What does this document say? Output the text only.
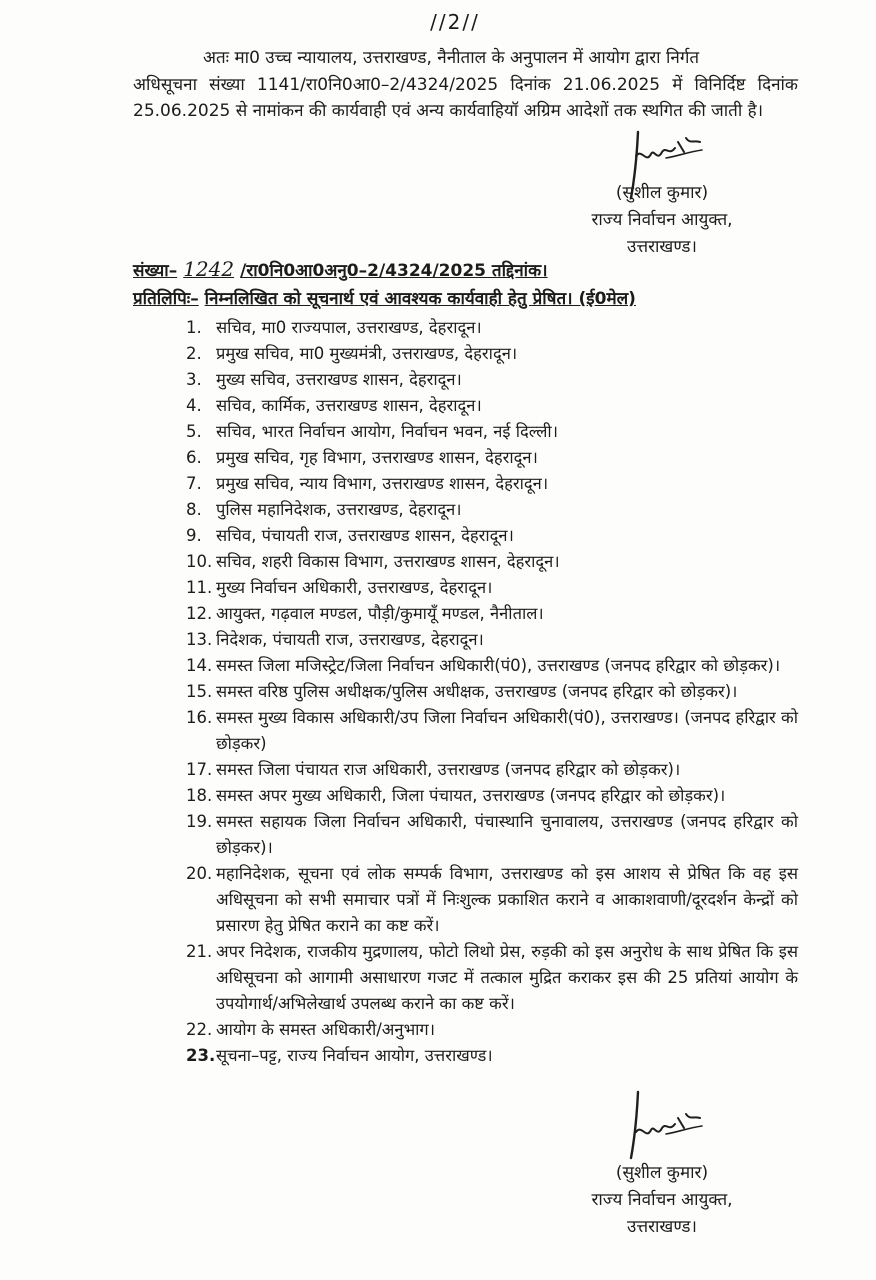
//2//
अतः मा0 उच्च न्यायालय, उत्तराखण्ड, नैनीताल के अनुपालन में आयोग द्वारा निर्गत
अधिसूचना संख्या 1141/रा0नि0आ0–2/4324/2025 दिनांक 21.06.2025 में विनिर्दिष्ट दिनांक 25.06.2025 से नामांकन की कार्यवाही एवं अन्य कार्यवाहियॉ अग्रिम आदेशों तक स्थगित की जाती है।
(सुशील कुमार)
राज्य निर्वाचन आयुक्त,
उत्तराखण्ड।
संख्या– 1242 /रा0नि0आ0अनु0–2/4324/2025 तद्दिनांक।
प्रतिलिपिः– निम्नलिखित को सूचनार्थ एवं आवश्यक कार्यवाही हेतु प्रेषित। (ई0मेल)
1. सचिव, मा0 राज्यपाल, उत्तराखण्ड, देहरादून।
2. प्रमुख सचिव, मा0 मुख्यमंत्री, उत्तराखण्ड, देहरादून।
3. मुख्य सचिव, उत्तराखण्ड शासन, देहरादून।
4. सचिव, कार्मिक, उत्तराखण्ड शासन, देहरादून।
5. सचिव, भारत निर्वाचन आयोग, निर्वाचन भवन, नई दिल्ली।
6. प्रमुख सचिव, गृह विभाग, उत्तराखण्ड शासन, देहरादून।
7. प्रमुख सचिव, न्याय विभाग, उत्तराखण्ड शासन, देहरादून।
8. पुलिस महानिदेशक, उत्तराखण्ड, देहरादून।
9. सचिव, पंचायती राज, उत्तराखण्ड शासन, देहरादून।
10. सचिव, शहरी विकास विभाग, उत्तराखण्ड शासन, देहरादून।
11. मुख्य निर्वाचन अधिकारी, उत्तराखण्ड, देहरादून।
12. आयुक्त, गढ़वाल मण्डल, पौड़ी/कुमायूँ मण्डल, नैनीताल।
13. निदेशक, पंचायती राज, उत्तराखण्ड, देहरादून।
14. समस्त जिला मजिस्ट्रेट/जिला निर्वाचन अधिकारी(पं0), उत्तराखण्ड (जनपद हरिद्वार को छोड़कर)।
15. समस्त वरिष्ठ पुलिस अधीक्षक/पुलिस अधीक्षक, उत्तराखण्ड (जनपद हरिद्वार को छोड़कर)।
16. समस्त मुख्य विकास अधिकारी/उप जिला निर्वाचन अधिकारी(पं0), उत्तराखण्ड। (जनपद हरिद्वार को छोड़कर)
17. समस्त जिला पंचायत राज अधिकारी, उत्तराखण्ड (जनपद हरिद्वार को छोड़कर)।
18. समस्त अपर मुख्य अधिकारी, जिला पंचायत, उत्तराखण्ड (जनपद हरिद्वार को छोड़कर)।
19. समस्त सहायक जिला निर्वाचन अधिकारी, पंचास्थानि चुनावालय, उत्तराखण्ड (जनपद हरिद्वार को छोड़कर)।
20. महानिदेशक, सूचना एवं लोक सम्पर्क विभाग, उत्तराखण्ड को इस आशय से प्रेषित कि वह इस अधिसूचना को सभी समाचार पत्रों में निःशुल्क प्रकाशित कराने व आकाशवाणी/दूरदर्शन केन्द्रों को प्रसारण हेतु प्रेषित कराने का कष्ट करें।
21. अपर निदेशक, राजकीय मुद्रणालय, फोटो लिथो प्रेस, रुड़की को इस अनुरोध के साथ प्रेषित कि इस अधिसूचना को आगामी असाधारण गजट में तत्काल मुद्रित कराकर इस की 25 प्रतियां आयोग के उपयोगार्थ/अभिलेखार्थ उपलब्ध कराने का कष्ट करें।
22. आयोग के समस्त अधिकारी/अनुभाग।
23. सूचना–पट्ट, राज्य निर्वाचन आयोग, उत्तराखण्ड।
(सुशील कुमार)
राज्य निर्वाचन आयुक्त,
उत्तराखण्ड।
